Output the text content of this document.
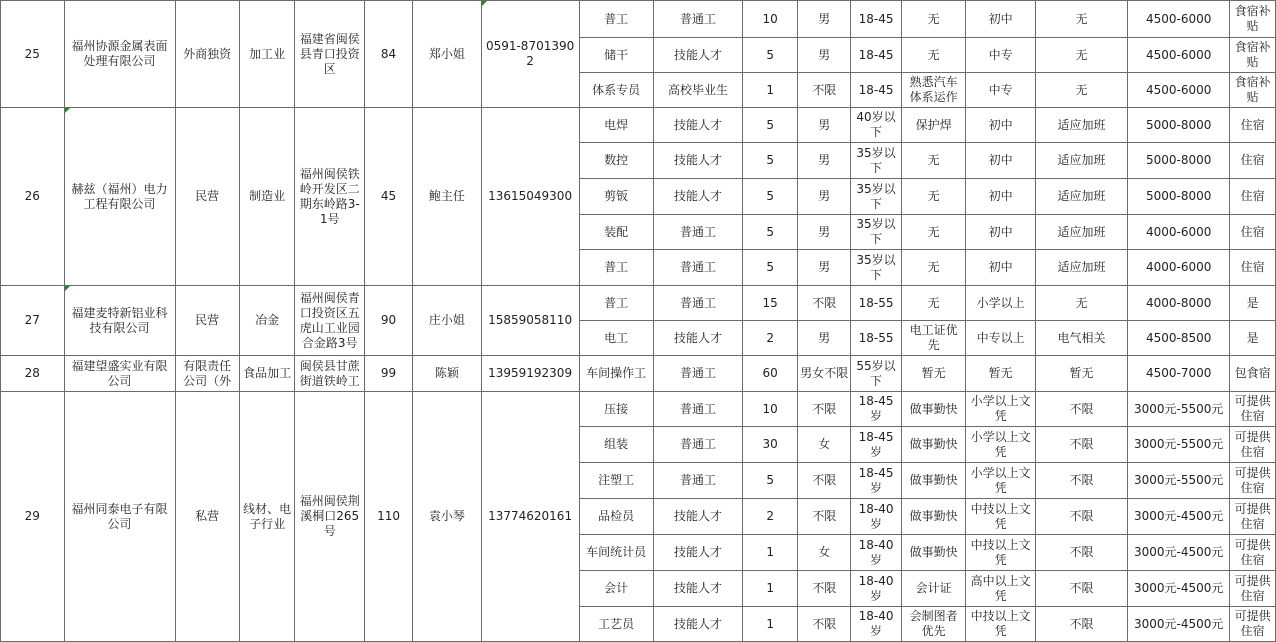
25	福州协源金属表面处理有限公司	外商独资	加工业	福建省闽侯县青口投资区	84	郑小姐	0591-87013902	普工	普通工	10	男	18-45	无	初中	无	4500-6000	食宿补贴
								储干	技能人才	5	男	18-45	无	中专	无	4500-6000	食宿补贴
								体系专员	高校毕业生	1	不限	18-45	熟悉汽车体系运作	中专	无	4500-6000	食宿补贴
26	赫兹（福州）电力工程有限公司	民营	制造业	福州闽侯铁岭开发区二期东岭路3-1号	45	鲍主任	13615049300	电焊	技能人才	5	男	40岁以下	保护焊	初中	适应加班	5000-8000	住宿
								数控	技能人才	5	男	35岁以下	无	初中	适应加班	5000-8000	住宿
								剪钣	技能人才	5	男	35岁以下	无	初中	适应加班	5000-8000	住宿
								装配	普通工	5	男	35岁以下	无	初中	适应加班	4000-6000	住宿
								普工	普通工	5	男	35岁以下	无	初中	适应加班	4000-6000	住宿
27	福建麦特新铝业科技有限公司	民营	冶金	福州闽侯青口投资区五虎山工业园合金路3号	90	庄小姐	15859058110	普工	普通工	15	不限	18-55	无	小学以上	无	4000-8000	是
								电工	技能人才	2	男	18-55	电工证优先	中专以上	电气相关	4500-8500	是
28	福建望盛实业有限公司	有限责任公司（外	食品加工	闽侯县甘蔗街道铁岭工	99	陈颖	13959192309	车间操作工	普通工	60	男女不限	55岁以下	暂无	暂无	暂无	4500-7000	包食宿
29	福州同泰电子有限公司	私营	线材、电子行业	福州闽侯荆溪桐口265号	110	袁小琴	13774620161	压接	普通工	10	不限	18-45岁	做事勤快	小学以上文凭	不限	3000元-5500元	可提供住宿
								组装	普通工	30	女	18-45岁	做事勤快	小学以上文凭	不限	3000元-5500元	可提供住宿
								注塑工	普通工	5	不限	18-45岁	做事勤快	小学以上文凭	不限	3000元-5500元	可提供住宿
								品检员	技能人才	2	不限	18-40岁	做事勤快	中技以上文凭	不限	3000元-4500元	可提供住宿
								车间统计员	技能人才	1	女	18-40岁	做事勤快	中技以上文凭	不限	3000元-4500元	可提供住宿
								会计	技能人才	1	不限	18-40岁	会计证	高中以上文凭	不限	3000元-4500元	可提供住宿
								工艺员	技能人才	1	不限	18-40岁	会制图者优先	中技以上文凭	不限	3000元-4500元	可提供住宿
